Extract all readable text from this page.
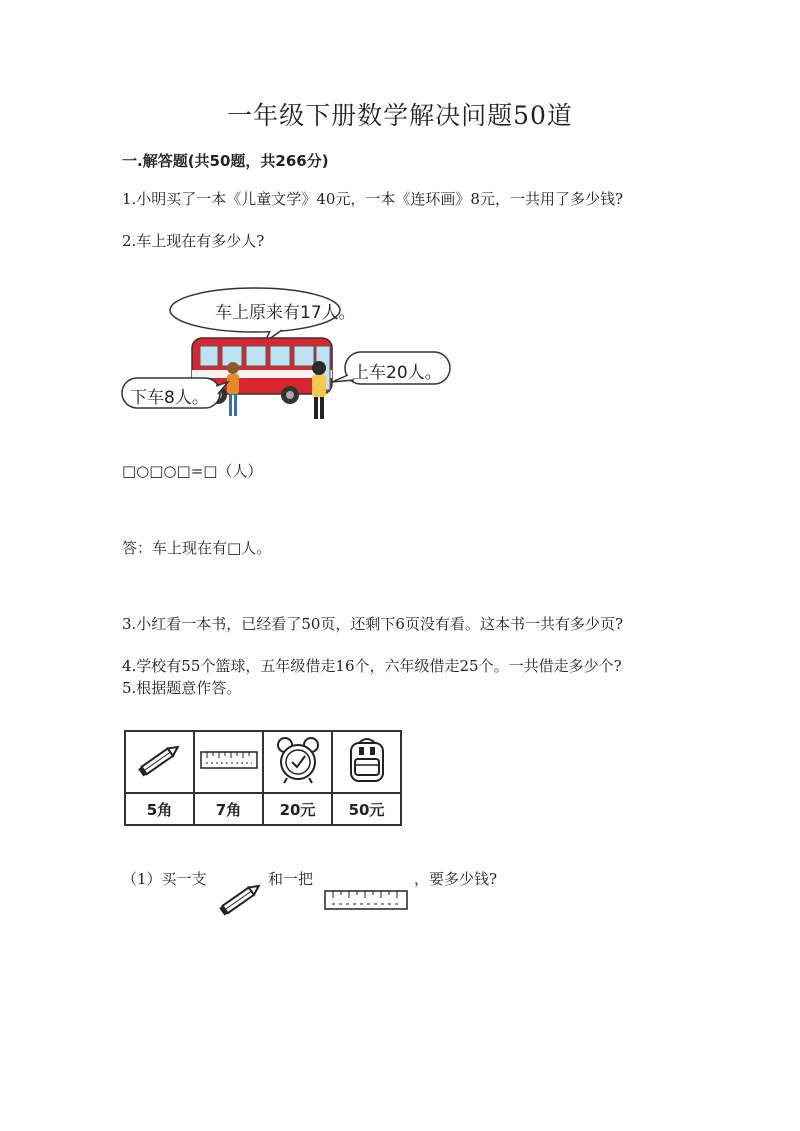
一年级下册数学解决问题50道
一.解答题(共50题，共266分)
1.小明买了一本《儿童文学》40元，一本《连环画》8元，一共用了多少钱?
2.车上现在有多少人?
车上原来有17人。
上车20人。
下车8人。
□○□○□=□（人）
答：车上现在有□人。
3.小红看一本书，已经看了50页，还剩下6页没有看。这本书一共有多少页?
4.学校有55个篮球，五年级借走16个，六年级借走25个。一共借走多少个?
5.根据题意作答。

5角	7角	20元	50元
（1）买一支	和一把	，要多少钱?
